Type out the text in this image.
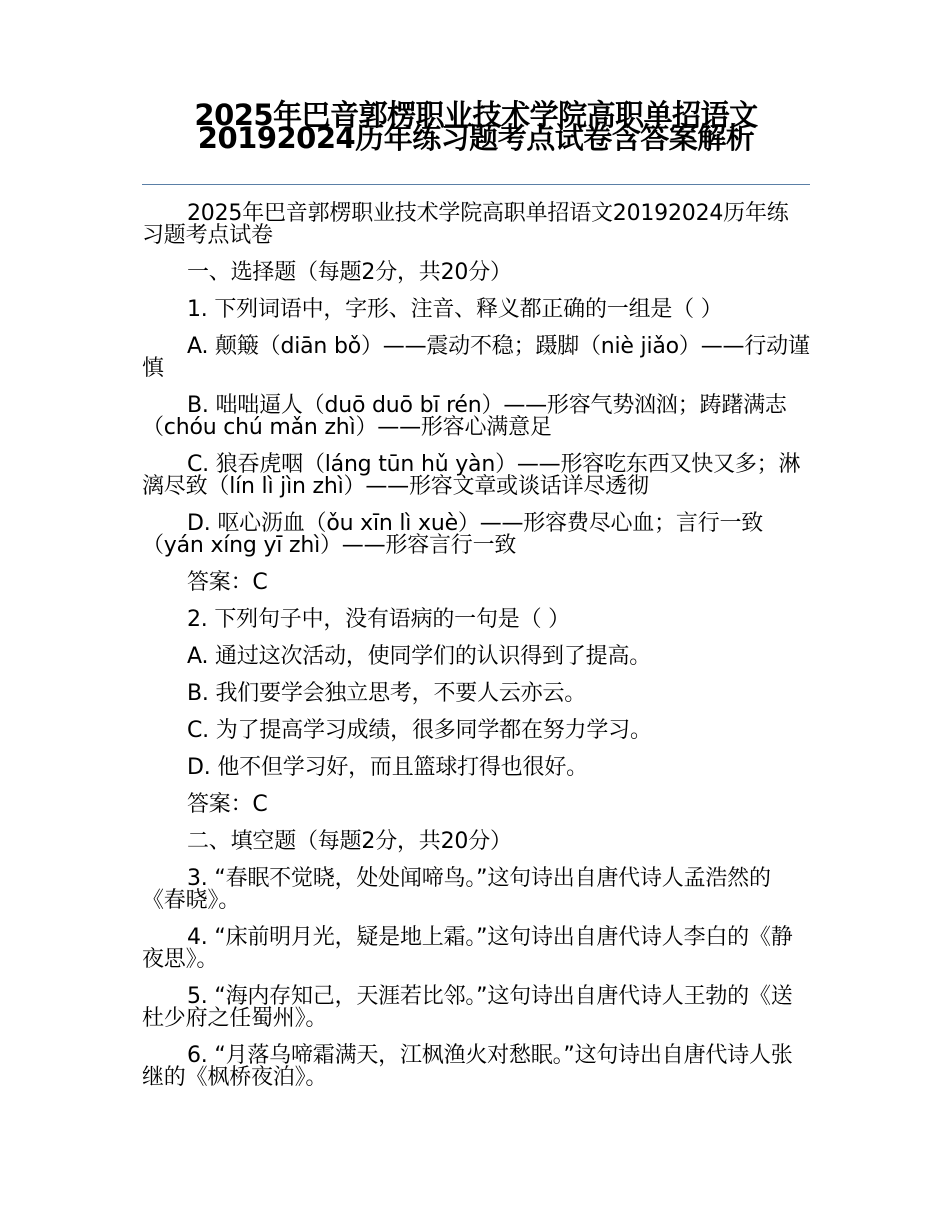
2025年巴音郭楞职业技术学院高职单招语文20192024历年练习题考点试卷含答案解析

2025年巴音郭楞职业技术学院高职单招语文20192024历年练习题考点试卷

一、选择题（每题2分，共20分）

1. 下列词语中，字形、注音、释义都正确的一组是（ ）

A. 颠簸（diān bǒ）——震动不稳；蹑脚（niè jiǎo）——行动谨慎

B. 咄咄逼人（duō duō bī rén）——形容气势汹汹；踌躇满志（chóu chú mǎn zhì）——形容心满意足

C. 狼吞虎咽（láng tūn hǔ yàn）——形容吃东西又快又多；淋漓尽致（lín lì jìn zhì）——形容文章或谈话详尽透彻

D. 呕心沥血（ǒu xīn lì xuè）——形容费尽心血；言行一致（yán xíng yī zhì）——形容言行一致

答案：C

2. 下列句子中，没有语病的一句是（ ）

A. 通过这次活动，使同学们的认识得到了提高。

B. 我们要学会独立思考，不要人云亦云。

C. 为了提高学习成绩，很多同学都在努力学习。

D. 他不但学习好，而且篮球打得也很好。

答案：C

二、填空题（每题2分，共20分）

3. “春眠不觉晓，处处闻啼鸟。”这句诗出自唐代诗人孟浩然的《春晓》。

4. “床前明月光，疑是地上霜。”这句诗出自唐代诗人李白的《静夜思》。

5. “海内存知己，天涯若比邻。”这句诗出自唐代诗人王勃的《送杜少府之任蜀州》。

6. “月落乌啼霜满天，江枫渔火对愁眠。”这句诗出自唐代诗人张继的《枫桥夜泊》。
